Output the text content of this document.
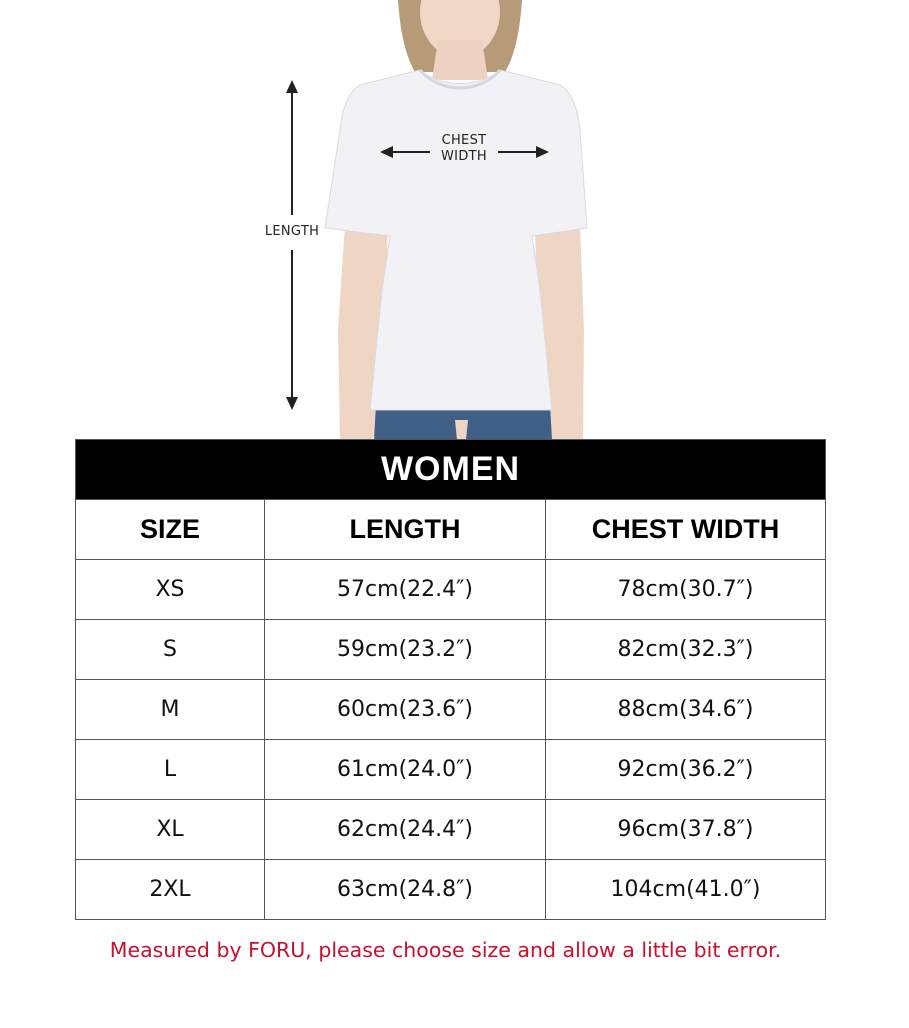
CHEST
WIDTH
LENGTH
WOMEN
SIZE	LENGTH	CHEST WIDTH
XS	57cm(22.4″)	78cm(30.7″)
S	59cm(23.2″)	82cm(32.3″)
M	60cm(23.6″)	88cm(34.6″)
L	61cm(24.0″)	92cm(36.2″)
XL	62cm(24.4″)	96cm(37.8″)
2XL	63cm(24.8″)	104cm(41.0″)
Measured by FORU, please choose size and allow a little bit error.
